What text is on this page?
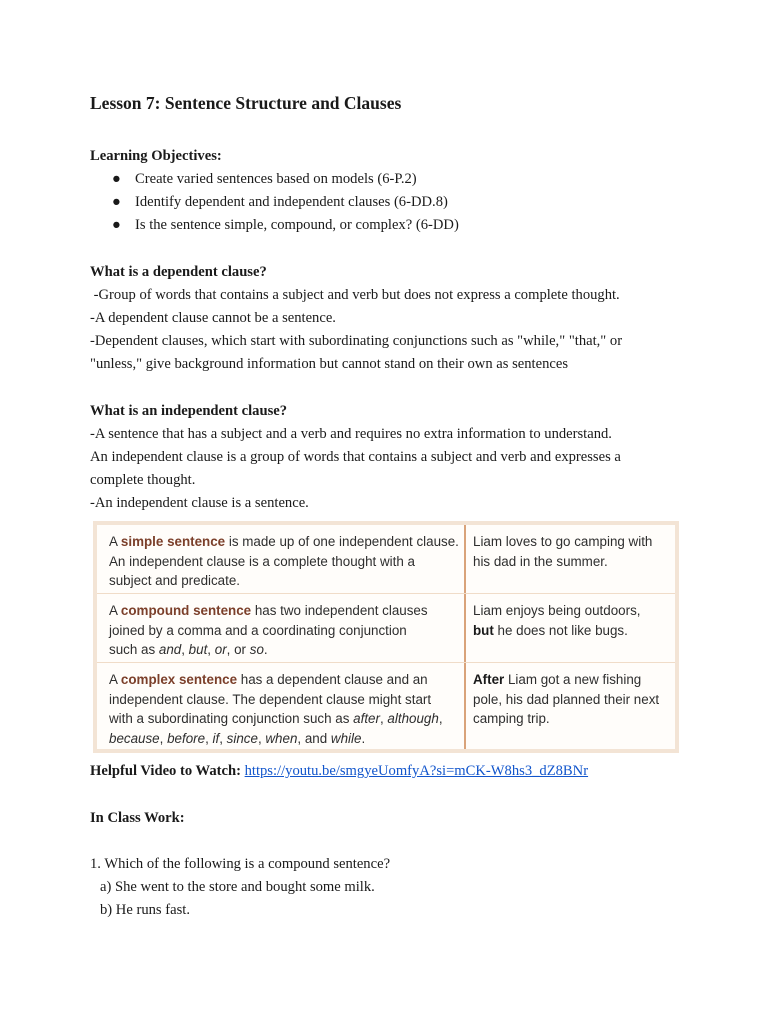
Lesson 7: Sentence Structure and Clauses
Learning Objectives:
● Create varied sentences based on models (6-P.2)
● Identify dependent and independent clauses (6-DD.8)
● Is the sentence simple, compound, or complex? (6-DD)
What is a dependent clause?
-Group of words that contains a subject and verb but does not express a complete thought.
-A dependent clause cannot be a sentence.
-Dependent clauses, which start with subordinating conjunctions such as "while," "that," or
"unless," give background information but cannot stand on their own as sentences
What is an independent clause?
-A sentence that has a subject and a verb and requires no extra information to understand.
An independent clause is a group of words that contains a subject and verb and expresses a
complete thought.
-An independent clause is a sentence.
A simple sentence is made up of one independent clause.
An independent clause is a complete thought with a
subject and predicate.
Liam loves to go camping with
his dad in the summer.
A compound sentence has two independent clauses
joined by a comma and a coordinating conjunction
such as and, but, or, or so.
Liam enjoys being outdoors,
but he does not like bugs.
A complex sentence has a dependent clause and an
independent clause. The dependent clause might start
with a subordinating conjunction such as after, although,
because, before, if, since, when, and while.
After Liam got a new fishing
pole, his dad planned their next
camping trip.
Helpful Video to Watch: https://youtu.be/smgyeUomfyA?si=mCK-W8hs3_dZ8BNr
In Class Work:
1. Which of the following is a compound sentence?
a) She went to the store and bought some milk.
b) He runs fast.
